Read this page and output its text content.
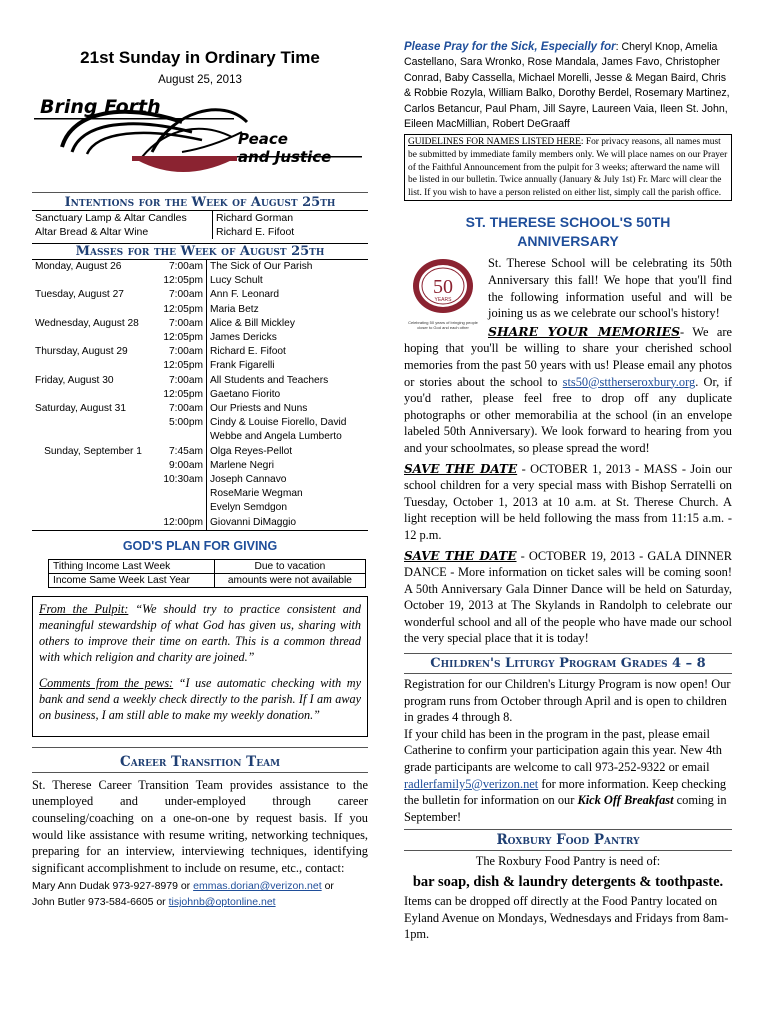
21st Sunday in Ordinary Time
August 25, 2013
Bring Forth
Peace
and Justice
Intentions for the Week of August 25th
Sanctuary Lamp & Altar Candles	Richard Gorman
Altar Bread & Altar Wine	Richard E. Fifoot
Masses for the Week of August 25th
Monday, August 26	7:00am	The Sick of Our Parish
	12:05pm	Lucy Schult
Tuesday, August 27	7:00am	Ann F. Leonard
	12:05pm	Maria Betz
Wednesday, August 28	7:00am	Alice & Bill Mickley
	12:05pm	James Dericks
Thursday, August 29	7:00am	Richard E. Fifoot
	12:05pm	Frank Figarelli
Friday, August 30	7:00am	All Students and Teachers
	12:05pm	Gaetano Fiorito
Saturday, August 31	7:00am	Our Priests and Nuns
	5:00pm	Cindy & Louise Fiorello, David
		Webbe and Angela Lumberto
Sunday, September 1	7:45am	Olga Reyes-Pellot
	9:00am	Marlene Negri
	10:30am	Joseph Cannavo
		RoseMarie Wegman
		Evelyn Semdgon
	12:00pm	Giovanni DiMaggio
GOD'S PLAN FOR GIVING
Tithing Income Last Week	Due to vacation
Income Same Week Last Year	amounts were not available

From the Pulpit: “We should try to practice consistent and meaningful stewardship of what God has given us, sharing with others to improve their time on earth. This is a common thread with which religion and charity are joined.”

Comments from the pews: “I use automatic checking with my bank and send a weekly check directly to the parish. If I am away on business, I am still able to make my weekly donation.”

Career Transition Team
St. Therese Career Transition Team provides assistance to the unemployed and under-employed through career counseling/coaching on a one-on-one by request basis. If you would like assistance with resume writing, networking techniques, preparing for an interview, interviewing techniques, identifying significant accomplishment to include on resume, etc., contact:
Mary Ann Dudak 973-927-8979 or emmas.dorian@verizon.net or
John Butler 973-584-6605 or tisjohnb@optonline.net
Please Pray for the Sick, Especially for: Cheryl Knop, Amelia Castellano, Sara Wronko, Rose Mandala, James Favo, Christopher Conrad, Baby Cassella, Michael Morelli, Jesse & Megan Baird, Chris & Robbie Rozyla, William Balko, Dorothy Berdel, Rosemary Martinez, Carlos Betancur, Paul Pham, Jill Sayre, Laureen Vaia, Ileen St. John, Eileen MacMillian, Robert DeGraaff
GUIDELINES FOR NAMES LISTED HERE: For privacy reasons, all names must be submitted by immediate family members only. We will place names on our Prayer of the Faithful Announcement from the pulpit for 3 weeks; afterward the name will be listed in our bulletin. Twice annually (January & July 1st) Fr. Marc will clear the list. If you wish to have a person relisted on either list, simply call the parish office.
ST. THERESE SCHOOL'S 50TH ANNIVERSARY
50
YEARS
Celebrating 50 years of bringing people closer to God and each other
St. Therese School will be celebrating its 50th Anniversary this fall! We hope that you'll find the following information useful and will be joining us as we celebrate our school's history!
SHARE YOUR MEMORIES- We are hoping that you'll be willing to share your cherished school memories from the past 50 years with us! Please email any photos or stories about the school to sts50@sttherseroxbury.org. Or, if you'd rather, please feel free to drop off any duplicate photographs or other memorabilia at the school (in an envelope labeled 50th Anniversary). We look forward to hearing from you and your schoolmates, so please spread the word!
SAVE THE DATE - OCTOBER 1, 2013 - MASS - Join our school children for a very special mass with Bishop Serratelli on Tuesday, October 1, 2013 at 10 a.m. at St. Therese Church. A light reception will be held following the mass from 11:15 a.m. - 12 p.m.
SAVE THE DATE - OCTOBER 19, 2013 - GALA DINNER DANCE - More information on ticket sales will be coming soon! A 50th Anniversary Gala Dinner Dance will be held on Saturday, October 19, 2013 at The Skylands in Randolph to celebrate our wonderful school and all of the people who have made our school the very special place that it is today!
Children's Liturgy Program Grades 4 – 8
Registration for our Children's Liturgy Program is now open! Our program runs from October through April and is open to children in grades 4 through 8.
If your child has been in the program in the past, please email Catherine to confirm your participation again this year. New 4th grade participants are welcome to call 973-252-9322 or email radlerfamily5@verizon.net for more information. Keep checking the bulletin for information on our Kick Off Breakfast coming in September!
Roxbury Food Pantry
The Roxbury Food Pantry is need of:
bar soap, dish & laundry detergents & toothpaste.
Items can be dropped off directly at the Food Pantry located on Eyland Avenue on Mondays, Wednesdays and Fridays from 8am- 1pm.
